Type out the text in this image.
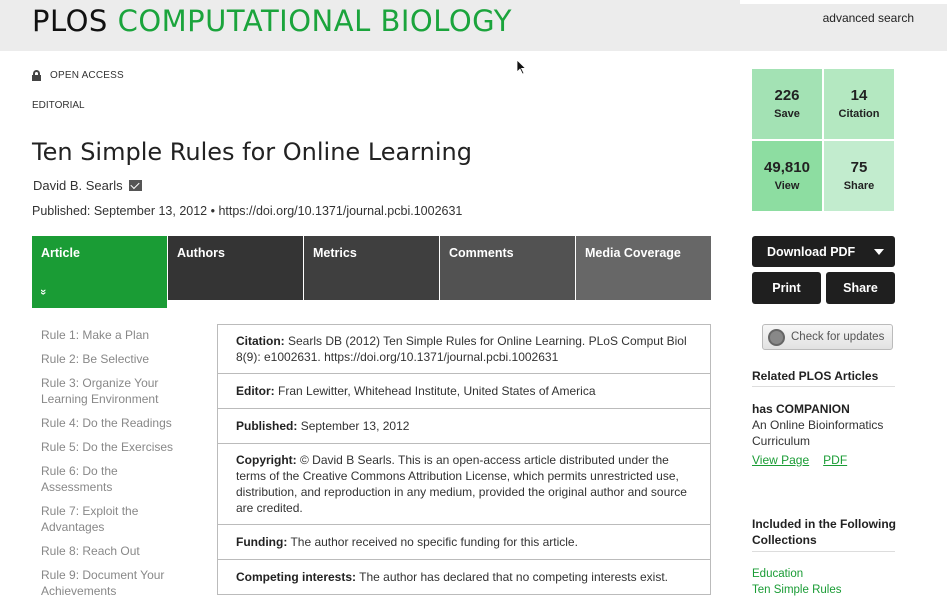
PLOS COMPUTATIONAL BIOLOGY	advanced search
OPEN ACCESS
EDITORIAL
Ten Simple Rules for Online Learning
David B. Searls
Published: September 13, 2012 • https://doi.org/10.1371/journal.pcbi.1002631
Article
»
Authors	Metrics	Comments	Media Coverage
Rule 1: Make a Plan
Rule 2: Be Selective
Rule 3: Organize Your Learning Environment
Rule 4: Do the Readings
Rule 5: Do the Exercises
Rule 6: Do the Assessments
Rule 7: Exploit the Advantages
Rule 8: Reach Out
Rule 9: Document Your Achievements
Citation: Searls DB (2012) Ten Simple Rules for Online Learning. PLoS Comput Biol 8(9): e1002631. https://doi.org/10.1371/journal.pcbi.1002631
Editor: Fran Lewitter, Whitehead Institute, United States of America
Published: September 13, 2012
Copyright: © David B Searls. This is an open-access article distributed under the terms of the Creative Commons Attribution License, which permits unrestricted use, distribution, and reproduction in any medium, provided the original author and source are credited.
Funding: The author received no specific funding for this article.
Competing interests: The author has declared that no competing interests exist.
226
Save
14
Citation
49,810
View
75
Share
Download PDF
Print	Share
Check for updates
Related PLOS Articles
has COMPANION
An Online Bioinformatics Curriculum
View Page PDF
Included in the Following Collections
Education
Ten Simple Rules
